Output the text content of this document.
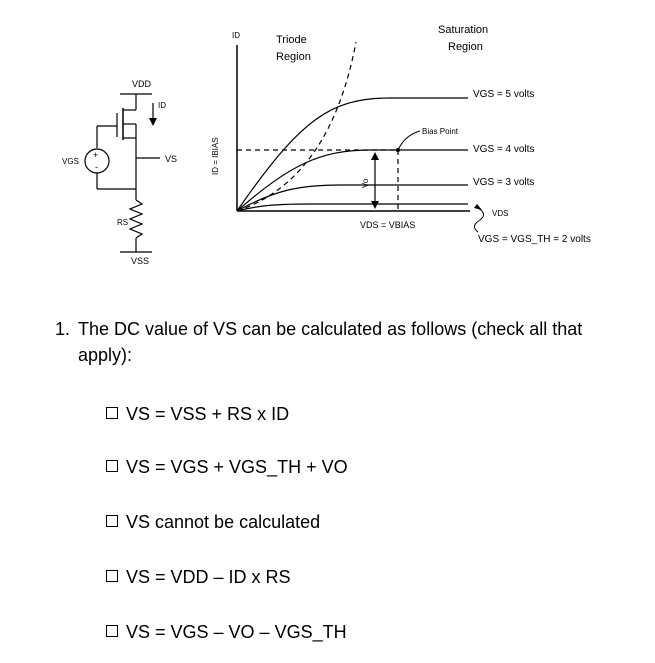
VDD
ID
VS
+
-
VGS
RS
VSS
ID
ID = IBIAS
Triode
Region
Saturation
Region
Bias Point
Vo
VDS = VBIAS
VGS = 5 volts
VGS = 4 volts
VGS = 3 volts
VGS = VGS_TH = 2 volts
VDS
1. The DC value of VS can be calculated as follows (check all that apply):
VS = VSS + RS x ID
VS = VGS + VGS_TH + VO
VS cannot be calculated
VS = VDD – ID x RS
VS = VGS – VO – VGS_TH
